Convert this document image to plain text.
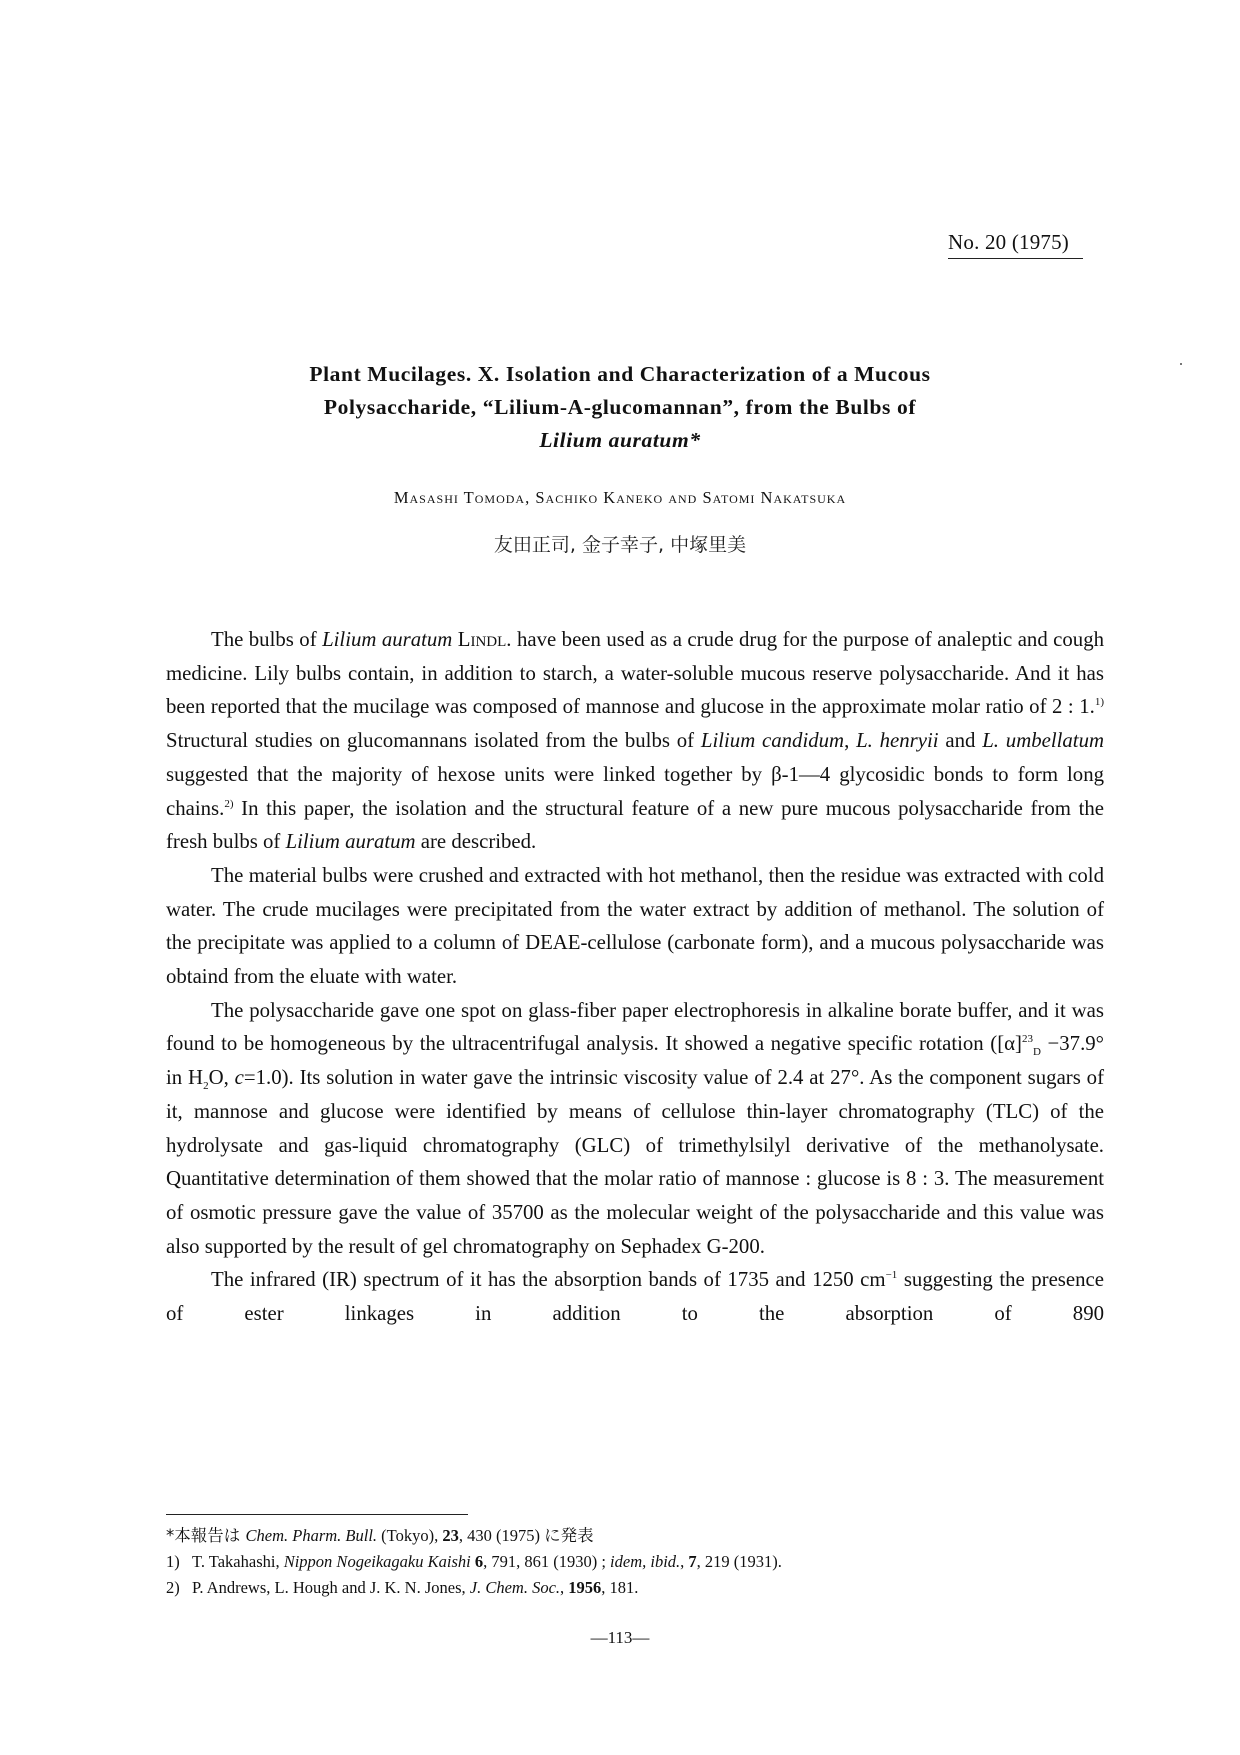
No. 20 (1975)
Plant Mucilages. X. Isolation and Characterization of a Mucous
Polysaccharide, “Lilium-A-glucomannan”, from the Bulbs of
Lilium auratum*
Masashi Tomoda, Sachiko Kaneko and Satomi Nakatsuka
友田正司, 金子幸子, 中塚里美

The bulbs of Lilium auratum Lindl. have been used as a crude drug for the purpose of analeptic and cough medicine. Lily bulbs contain, in addition to starch, a water-soluble mucous reserve polysaccharide. And it has been reported that the mucilage was composed of mannose and glucose in the approximate molar ratio of 2 : 1.$^{1)}$ Structural studies on glucomannans isolated from the bulbs of Lilium candidum, L. henryii and L. umbellatum suggested that the majority of hexose units were linked together by β-1—4 glycosidic bonds to form long chains.$^{2)}$ In this paper, the isolation and the structural feature of a new pure mucous polysaccharide from the fresh bulbs of Lilium auratum are described.

The material bulbs were crushed and extracted with hot methanol, then the residue was extracted with cold water. The crude mucilages were precipitated from the water extract by addition of methanol. The solution of the precipitate was applied to a column of DEAE-cellulose (carbonate form), and a mucous polysaccharide was obtaind from the eluate with water.

The polysaccharide gave one spot on glass-fiber paper electrophoresis in alkaline borate buffer, and it was found to be homogeneous by the ultracentrifugal analysis. It showed a negative specific rotation ($[\alpha]^{23}_D -37.9^\circ$ in $H_2O$, c=1.0). Its solution in water gave the intrinsic viscosity value of 2.4 at 27°. As the component sugars of it, mannose and glucose were identified by means of cellulose thin-layer chromatography (TLC) of the hydrolysate and gas-liquid chromatography (GLC) of trimethylsilyl derivative of the methanolysate. Quantitative determination of them showed that the molar ratio of mannose : glucose is 8 : 3. The measurement of osmotic pressure gave the value of 35700 as the molecular weight of the polysaccharide and this value was also supported by the result of gel chromatography on Sephadex G-200.

The infrared (IR) spectrum of it has the absorption bands of 1735 and 1250 $cm^{-1}$ suggesting the presence of ester linkages in addition to the absorption of 890

*本報告は Chem. Pharm. Bull. (Tokyo), 23, 430 (1975) に発表
1) T. Takahashi, Nippon Nogeikagaku Kaishi 6, 791, 861 (1930) ; idem, ibid., 7, 219 (1931).
2) P. Andrews, L. Hough and J. K. N. Jones, J. Chem. Soc., 1956, 181.
—113—
